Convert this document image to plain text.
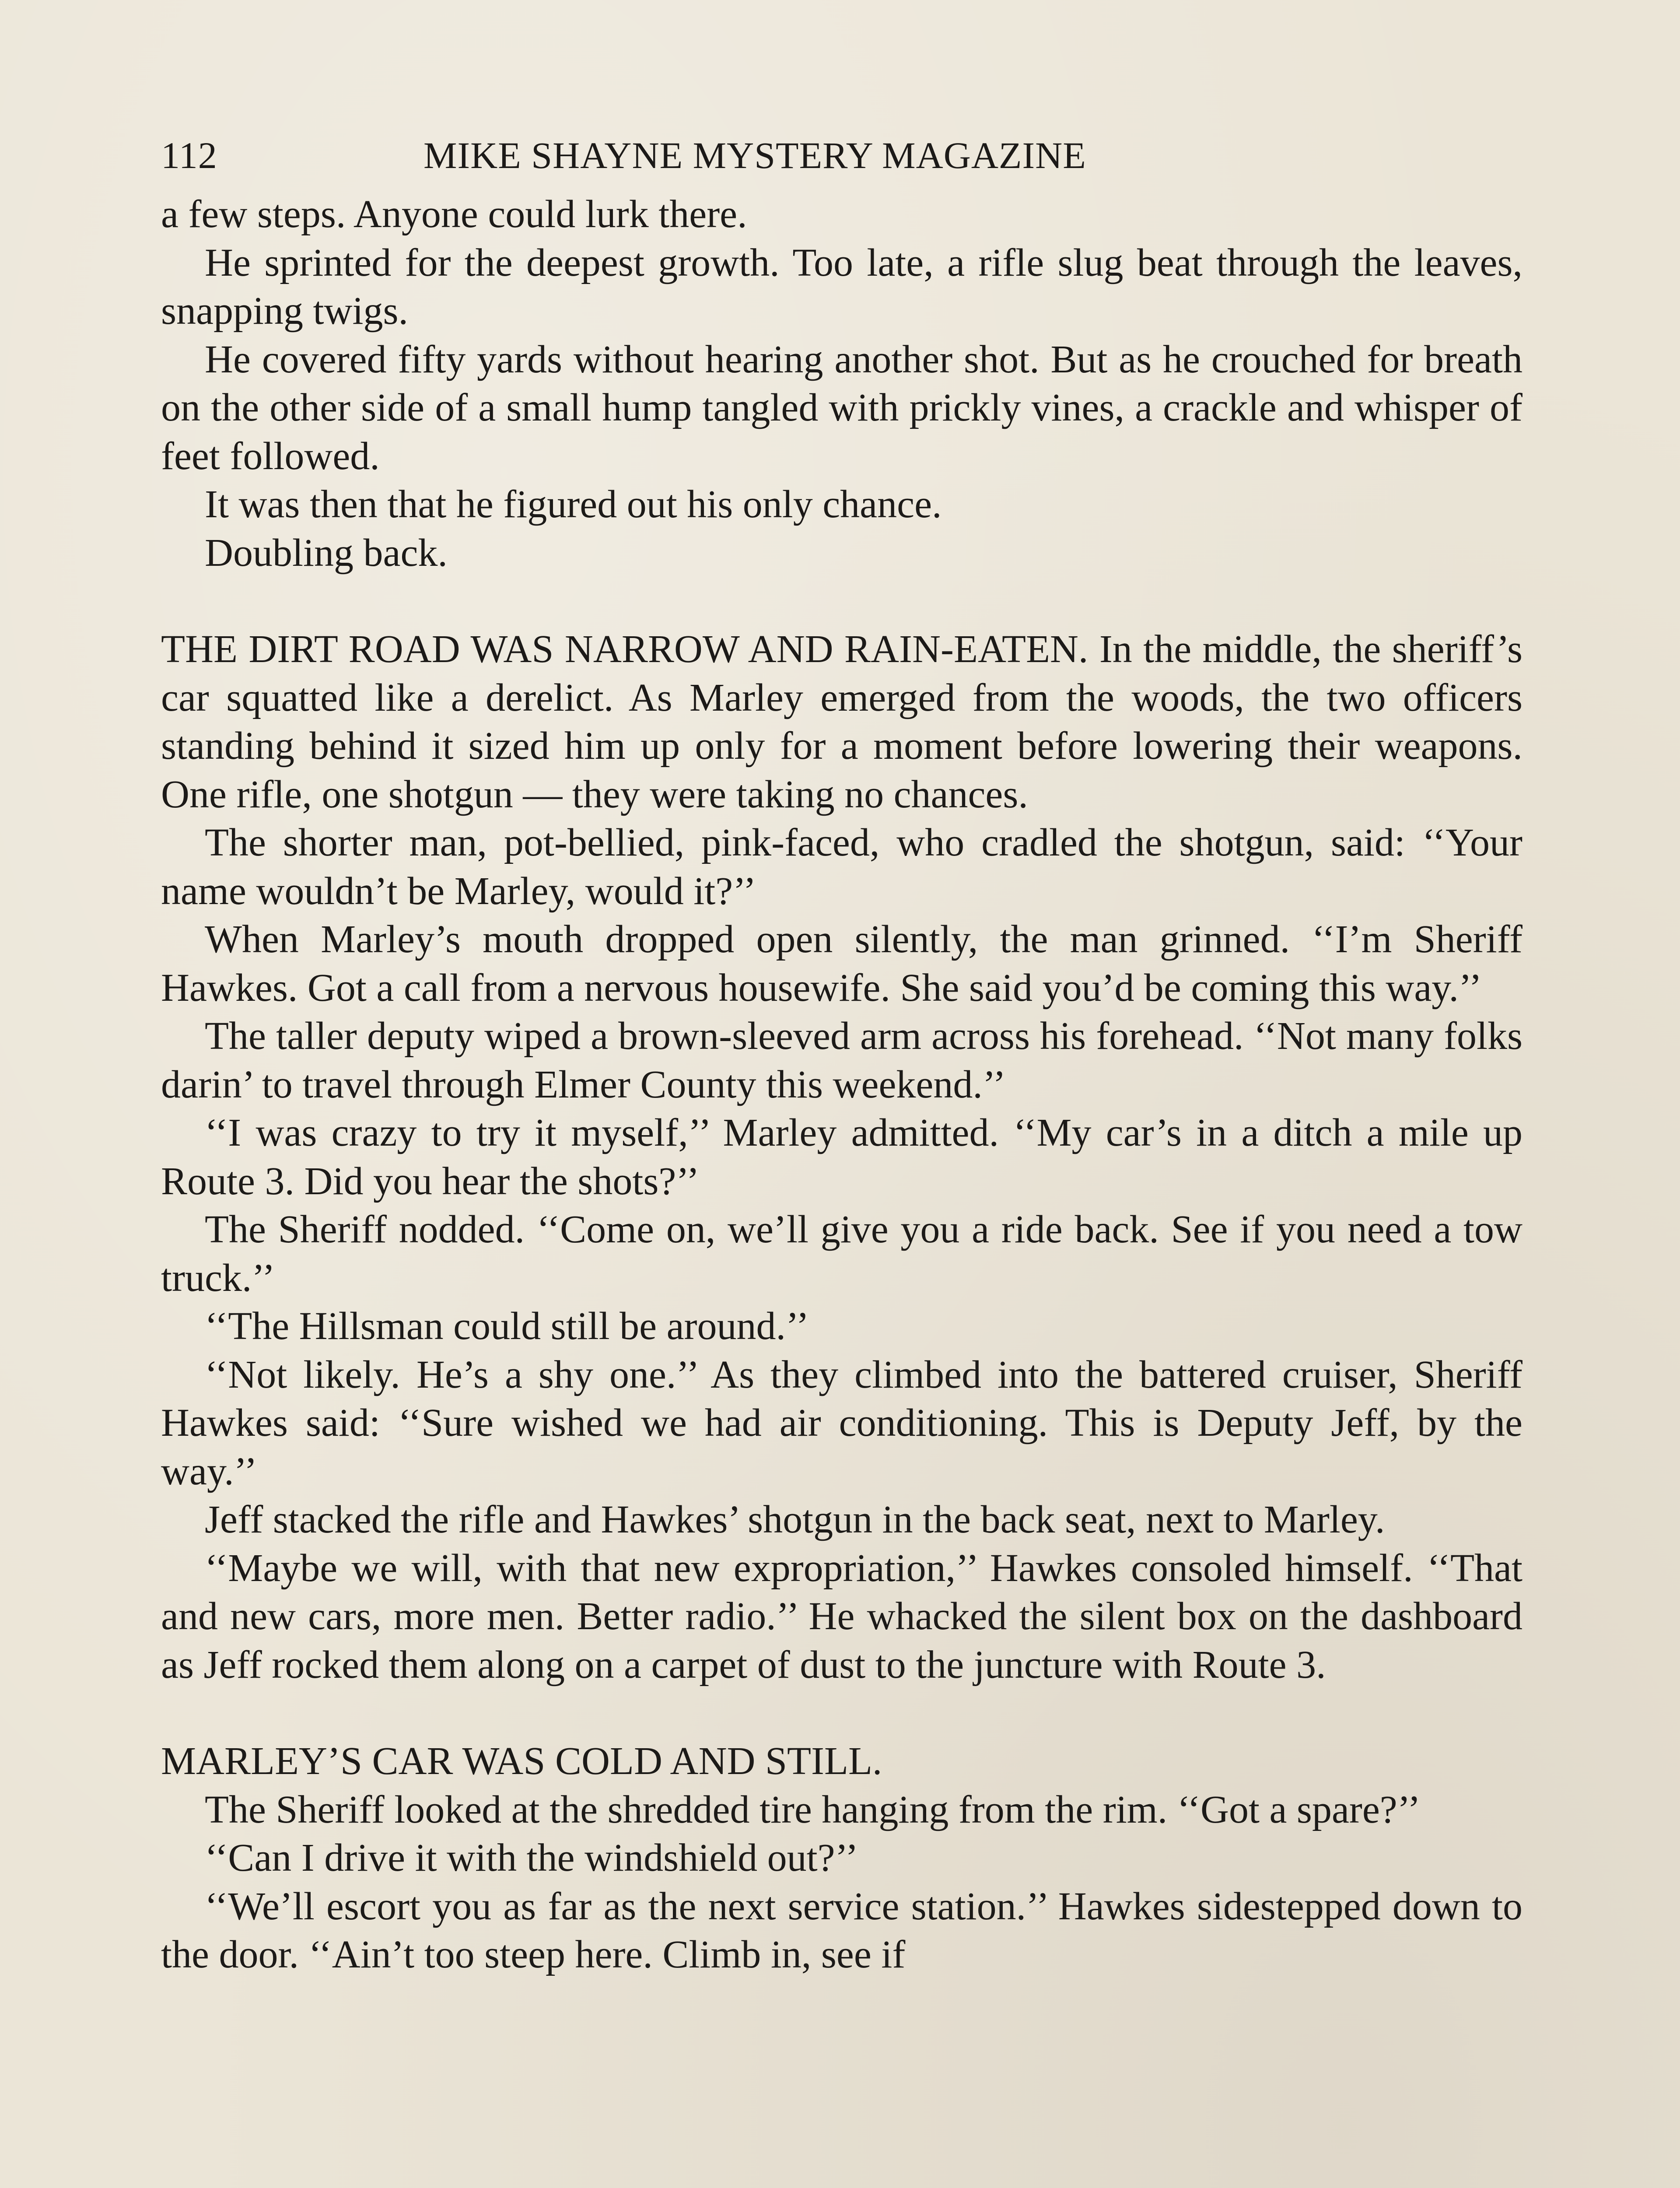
112	MIKE SHAYNE MYSTERY MAGAZINE

a few steps. Anyone could lurk there.

He sprinted for the deepest growth. Too late, a rifle slug beat through the leaves, snapping twigs.

He covered fifty yards without hearing another shot. But as he crouched for breath on the other side of a small hump tangled with prickly vines, a crackle and whisper of feet followed.

It was then that he figured out his only chance.

Doubling back.

THE DIRT ROAD WAS NARROW AND RAIN-EATEN. In the middle, the sheriff’s car squatted like a derelict. As Marley emerged from the woods, the two officers standing behind it sized him up only for a moment before lowering their weapons. One rifle, one shotgun — they were taking no chances.

The shorter man, pot-bellied, pink-faced, who cradled the shotgun, said: ‘‘Your name wouldn’t be Marley, would it?’’

When Marley’s mouth dropped open silently, the man grinned. ‘‘I’m Sheriff Hawkes. Got a call from a nervous housewife. She said you’d be coming this way.’’

The taller deputy wiped a brown-sleeved arm across his forehead. ‘‘Not many folks darin’ to travel through Elmer County this weekend.’’

‘‘I was crazy to try it myself,’’ Marley admitted. ‘‘My car’s in a ditch a mile up Route 3. Did you hear the shots?’’

The Sheriff nodded. ‘‘Come on, we’ll give you a ride back. See if you need a tow truck.’’

‘‘The Hillsman could still be around.’’

‘‘Not likely. He’s a shy one.’’ As they climbed into the battered cruiser, Sheriff Hawkes said: ‘‘Sure wished we had air conditioning. This is Deputy Jeff, by the way.’’

Jeff stacked the rifle and Hawkes’ shotgun in the back seat, next to Marley.

‘‘Maybe we will, with that new expropriation,’’ Hawkes consoled himself. ‘‘That and new cars, more men. Better radio.’’ He whacked the silent box on the dashboard as Jeff rocked them along on a carpet of dust to the juncture with Route 3.

MARLEY’S CAR WAS COLD AND STILL.

The Sheriff looked at the shredded tire hanging from the rim. ‘‘Got a spare?’’

‘‘Can I drive it with the windshield out?’’

‘‘We’ll escort you as far as the next service station.’’ Hawkes sidestepped down to the door. ‘‘Ain’t too steep here. Climb in, see if
